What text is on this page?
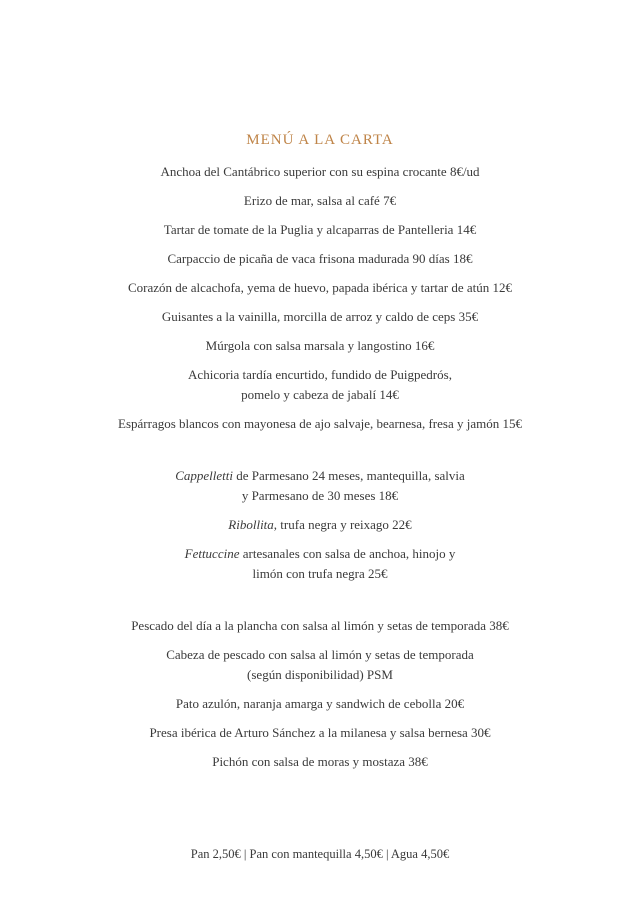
MENÚ A LA CARTA
Anchoa del Cantábrico superior con su espina crocante 8€/ud
Erizo de mar, salsa al café 7€
Tartar de tomate de la Puglia y alcaparras de Pantelleria 14€
Carpaccio de picaña de vaca frisona madurada 90 días 18€
Corazón de alcachofa, yema de huevo, papada ibérica y tartar de atún 12€
Guisantes a la vainilla, morcilla de arroz y caldo de ceps 35€
Múrgola con salsa marsala y langostino 16€
Achicoria tardía encurtido, fundido de Puigpedrós,
pomelo y cabeza de jabalí 14€
Espárragos blancos con mayonesa de ajo salvaje, bearnesa, fresa y jamón 15€
Cappelletti de Parmesano 24 meses, mantequilla, salvia
y Parmesano de 30 meses 18€
Ribollita, trufa negra y reixago 22€
Fettuccine artesanales con salsa de anchoa, hinojo y
limón con trufa negra 25€
Pescado del día a la plancha con salsa al limón y setas de temporada 38€
Cabeza de pescado con salsa al limón y setas de temporada
(según disponibilidad) PSM
Pato azulón, naranja amarga y sandwich de cebolla 20€
Presa ibérica de Arturo Sánchez a la milanesa y salsa bernesa 30€
Pichón con salsa de moras y mostaza 38€
Pan 2,50€ | Pan con mantequilla 4,50€ | Agua 4,50€
